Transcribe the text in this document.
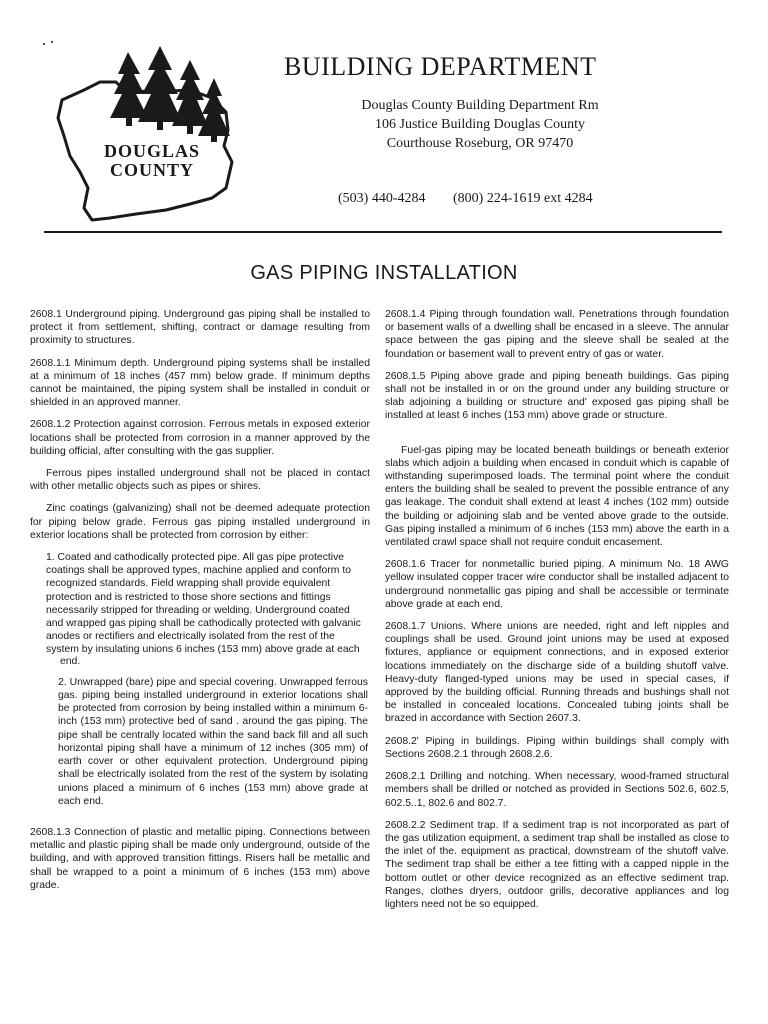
DOUGLAS
COUNTY
BUILDING DEPARTMENT
Douglas County Building Department Rm
106 Justice Building Douglas County
Courthouse Roseburg, OR 97470
(503) 440-4284 (800) 224-1619 ext 4284
GAS PIPING INSTALLATION

2608.1 Underground piping. Underground gas piping shall be installed to protect it from settlement, shifting, contract or damage resulting from proximity to structures.

2608.1.1 Minimum depth. Underground piping systems shall be installed at a minimum of 18 inches (457 mm) below grade. If minimum depths cannot be maintained, the piping system shall be installed in conduit or shielded in an approved manner.

2608.1.2 Protection against corrosion. Ferrous metals in exposed exterior locations shall be protected from corrosion in a manner approved by the building official, after consulting with the gas supplier.

Ferrous pipes installed underground shall not be placed in contact with other metallic objects such as pipes or shires.

Zinc coatings (galvanizing) shall not be deemed adequate protection for piping below grade. Ferrous gas piping installed underground in exterior locations shall be protected from corrosion by either:

1. Coated and cathodically protected pipe. All gas pipe protective coatings shall be approved types, machine applied and conform to recognized standards. Field wrapping shall provide equivalent protection and is restricted to those shore sections and fittings necessarily stripped for threading or welding. Underground coated and wrapped gas piping shall be cathodically protected with galvanic anodes or rectifiers and electrically isolated from the rest of the system by insulating unions 6 inches (153 mm) above grade at each

end.

2. Unwrapped (bare) pipe and special covering. Unwrapped ferrous gas. piping being installed underground in exterior locations shall be protected from corrosion by being installed within a minimum 6-inch (153 mm) protective bed of sand . around the gas piping. The pipe shall be centrally located within the sand back fill and all such horizontal piping shall have a minimum of 12 inches (305 mm) of earth cover or other equivalent protection. Underground piping shall be electrically isolated from the rest of the system by isolating unions placed a minimum of 6 inches (153 mm) above grade at each end.

2608.1.3 Connection of plastic and metallic piping. Connections between metallic and plastic piping shall be made only underground, outside of the building, and with approved transition fittings. Risers hall be metallic and shall be wrapped to a point a minimum of 6 inches (153 mm) above grade.

2608.1.4 Piping through foundation wall. Penetrations through foundation or basement walls of a dwelling shall be encased in a sleeve. The annular space between the gas piping and the sleeve shall be sealed at the foundation or basement wall to prevent entry of gas or water.

2608.1.5 Piping above grade and piping beneath buildings. Gas piping shall not be installed in or on the ground under any building structure or slab adjoining a building or structure and' exposed gas piping shall be installed at least 6 inches (153 mm) above grade or structure.

Fuel-gas piping may be located beneath buildings or beneath exterior slabs which adjoin a building when encased in conduit which is capable of withstanding superimposed loads. The terminal point where the conduit enters the building shall be sealed to prevent the possible entrance of any gas leakage. The conduit shall extend at least 4 inches (102 mm) outside the building or adjoining slab and be vented above grade to the outside. Gas piping installed a minimum of 6 inches (153 mm) above the earth in a ventilated crawl space shall not require conduit encasement.

2608.1.6 Tracer for nonmetallic buried piping. A minimum No. 18 AWG yellow insulated copper tracer wire conductor shall be installed adjacent to underground nonmetallic gas piping and shall be accessible or terminate above grade at each end.

2608.1.7 Unions. Where unions are needed, right and left nipples and couplings shall be used. Ground joint unions may be used at exposed fixtures, appliance or equipment connections, and in exposed exterior locations immediately on the discharge side of a building shutoff valve. Heavy-duty flanged-typed unions may be used in special cases, if approved by the building official. Running threads and bushings shall not be installed in concealed locations. Concealed tubing joints shall be brazed in accordance with Section 2607.3.

2608.2' Piping in buildings. Piping within buildings shall comply with Sections 2608.2.1 through 2608.2.6.

2608.2.1 Drilling and notching. When necessary, wood-framed structural members shall be drilled or notched as provided in Sections 502.6, 602.5, 602.5..1, 802.6 and 802.7.

2608.2.2 Sediment trap. If a sediment trap is not incorporated as part of the gas utilization equipment, a sediment trap shall be installed as close to the inlet of the. equipment as practical, downstream of the shutoff valve. The sediment trap shall be either a tee fitting with a capped nipple in the bottom outlet or other device recognized as an effective sediment trap. Ranges, clothes dryers, outdoor grills, decorative appliances and log lighters need not be so equipped.
